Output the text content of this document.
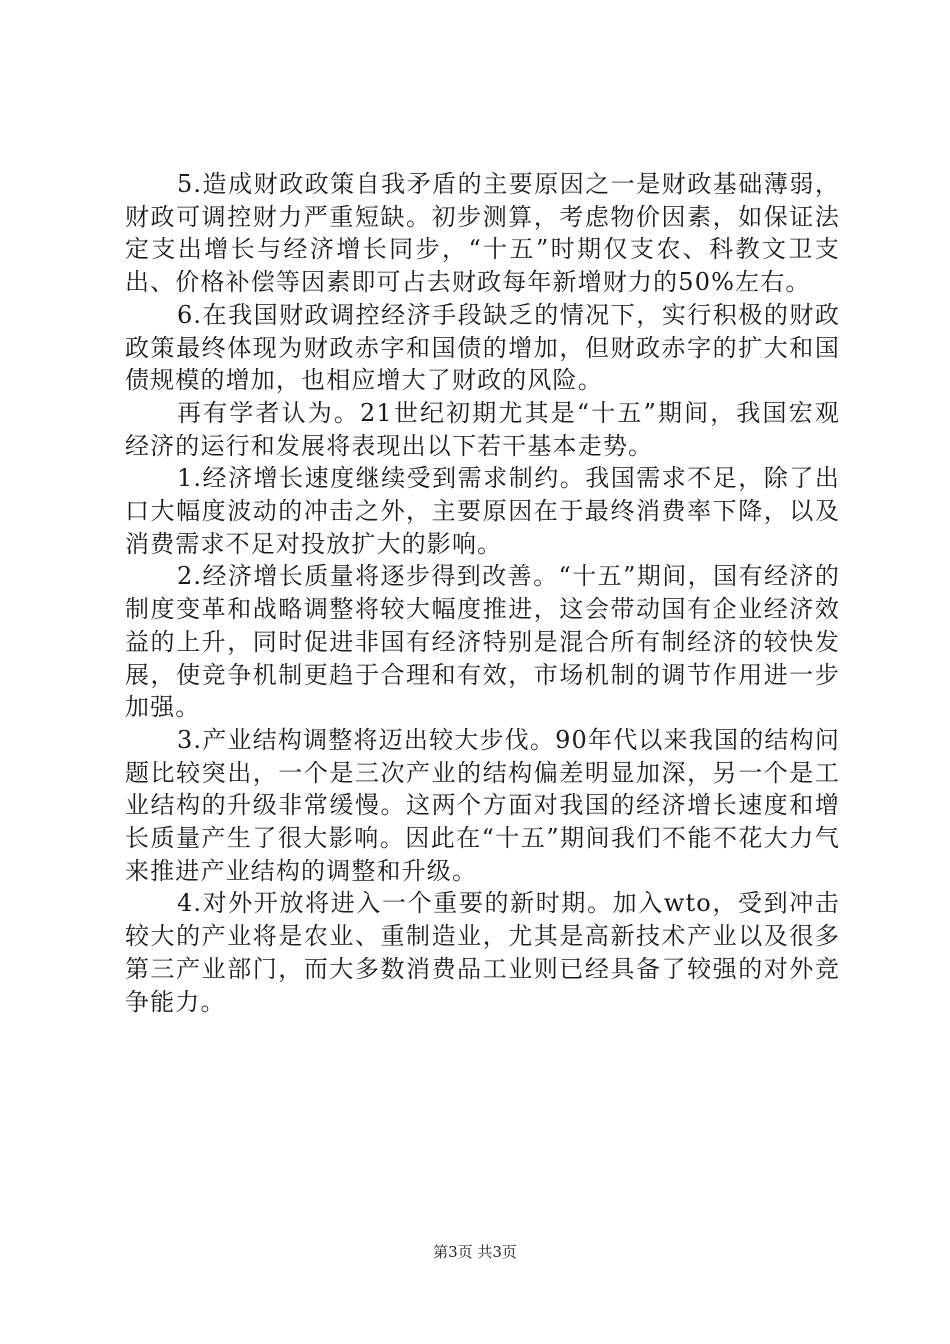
5.造成财政政策自我矛盾的主要原因之一是财政基础薄弱，财政可调控财力严重短缺。初步测算，考虑物价因素，如保证法定支出增长与经济增长同步，“十五”时期仅支农、科教文卫支出、价格补偿等因素即可占去财政每年新增财力的50%左右。

6.在我国财政调控经济手段缺乏的情况下，实行积极的财政政策最终体现为财政赤字和国债的增加，但财政赤字的扩大和国债规模的增加，也相应增大了财政的风险。

再有学者认为。21世纪初期尤其是“十五”期间，我国宏观经济的运行和发展将表现出以下若干基本走势。

1.经济增长速度继续受到需求制约。我国需求不足，除了出口大幅度波动的冲击之外，主要原因在于最终消费率下降，以及消费需求不足对投放扩大的影响。

2.经济增长质量将逐步得到改善。“十五”期间，国有经济的制度变革和战略调整将较大幅度推进，这会带动国有企业经济效益的上升，同时促进非国有经济特别是混合所有制经济的较快发展，使竞争机制更趋于合理和有效，市场机制的调节作用进一步加强。

3.产业结构调整将迈出较大步伐。90年代以来我国的结构问题比较突出，一个是三次产业的结构偏差明显加深，另一个是工业结构的升级非常缓慢。这两个方面对我国的经济增长速度和增长质量产生了很大影响。因此在“十五”期间我们不能不花大力气来推进产业结构的调整和升级。

4.对外开放将进入一个重要的新时期。加入wto，受到冲击较大的产业将是农业、重制造业，尤其是高新技术产业以及很多第三产业部门，而大多数消费品工业则已经具备了较强的对外竞争能力。

第3页 共3页
